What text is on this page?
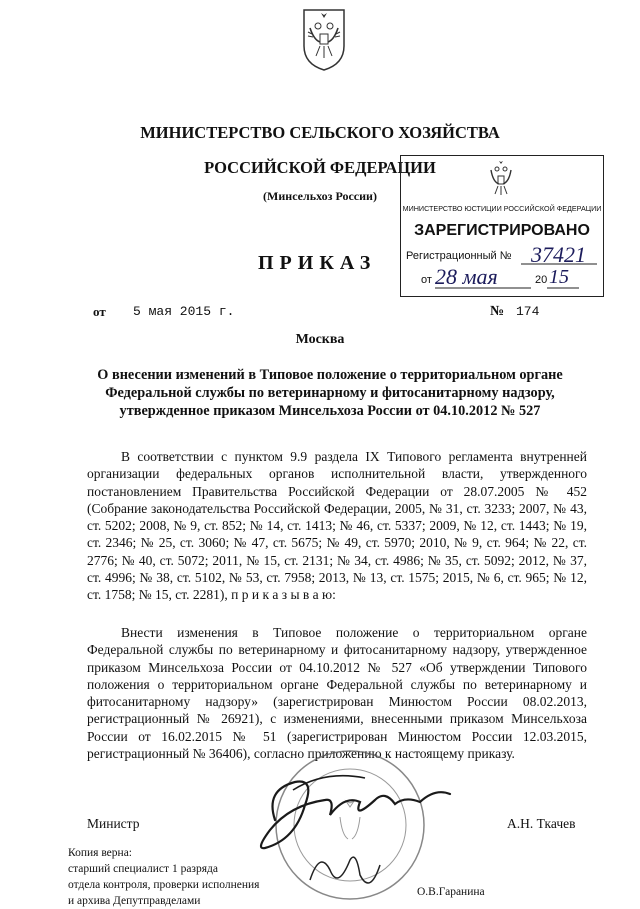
МИНИСТЕРСТВО СЕЛЬСКОГО ХОЗЯЙСТВА
РОССИЙСКОЙ ФЕДЕРАЦИИ
(Минсельхоз России)
ПРИКАЗ
МИНИСТЕРСТВО ЮСТИЦИИ РОССИЙСКОЙ ФЕДЕРАЦИИ
ЗАРЕГИСТРИРОВАНО
Регистрационный № 37421
от 28 мая	20 15
от 5 мая 2015 г.	№ 174
Москва
О внесении изменений в Типовое положение о территориальном органе Федеральной службы по ветеринарному и фитосанитарному надзору, утвержденное приказом Минсельхоза России от 04.10.2012 № 527
В соответствии с пунктом 9.9 раздела IX Типового регламента внутренней организации федеральных органов исполнительной власти, утвержденного постановлением Правительства Российской Федерации от 28.07.2005 № 452 (Собрание законодательства Российской Федерации, 2005, № 31, ст. 3233; 2007, № 43, ст. 5202; 2008, № 9, ст. 852; № 14, ст. 1413; № 46, ст. 5337; 2009, № 12, ст. 1443; № 19, ст. 2346; № 25, ст. 3060; № 47, ст. 5675; № 49, ст. 5970; 2010, № 9, ст. 964; № 22, ст. 2776; № 40, ст. 5072; 2011, № 15, ст. 2131; № 34, ст. 4986; № 35, ст. 5092; 2012, № 37, ст. 4996; № 38, ст. 5102, № 53, ст. 7958; 2013, № 13, ст. 1575; 2015, № 6, ст. 965; № 12, ст. 1758; № 15, ст. 2281), п р и к а з ы в а ю:
Внести изменения в Типовое положение о территориальном органе Федеральной службы по ветеринарному и фитосанитарному надзору, утвержденное приказом Минсельхоза России от 04.10.2012 № 527 «Об утверждении Типового положения о территориальном органе Федеральной службы по ветеринарному и фитосанитарному надзору» (зарегистрирован Минюстом России 08.02.2013, регистрационный № 26921), с изменениями, внесенными приказом Минсельхоза России от 16.02.2015 № 51 (зарегистрирован Минюстом России 12.03.2015, регистрационный № 36406), согласно приложению к настоящему приказу.
Министр	А.Н. Ткачев
Копия верна:
старший специалист 1 разряда
отдела контроля, проверки исполнения
и архива Депутправделами
О.В.Гаранина
